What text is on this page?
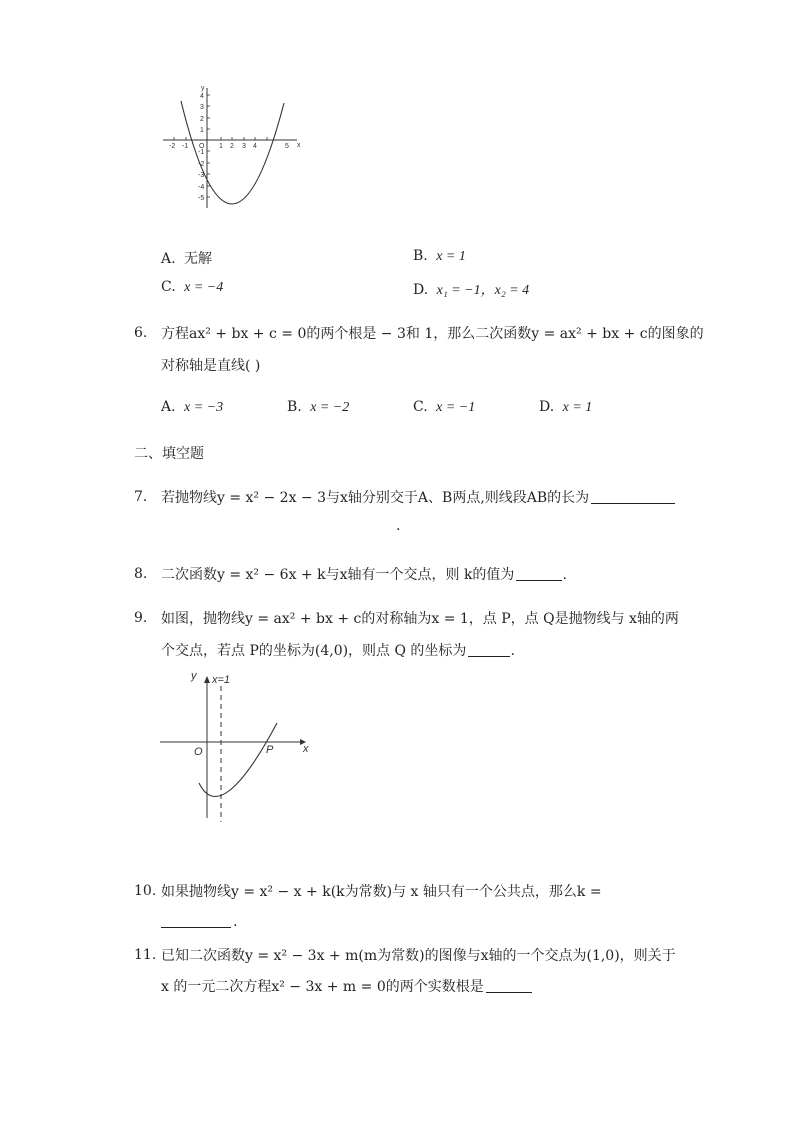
y
x
O
-2 -1	1 2 3 4	5
4
3
2
1
-1
-2
-3
-4
-5
A. 无解	B. x = 1
C. x = −4	D. x₁ = −1，x₂ = 4
6. 方程ax² + bx + c = 0的两个根是 − 3和 1，那么二次函数y = ax² + bx + c的图象的
对称轴是直线( )
A. x = −3	B. x = −2	C. x = −1	D. x = 1
二、填空题
7. 若抛物线y = x² − 2x − 3与x轴分别交于A、B两点,则线段AB的长为
.
8. 二次函数y = x² − 6x + k与x轴有一个交点，则 k的值为	.
9. 如图，抛物线y = ax² + bx + c的对称轴为x = 1，点 P，点 Q是抛物线与 x轴的两
个交点，若点 P的坐标为(4,0)，则点 Q 的坐标为	.
y
x
O
x=1
P
10. 如果抛物线y = x² − x + k(k为常数)与 x 轴只有一个公共点，那么k =
.
11. 已知二次函数y = x² − 3x + m(m为常数)的图像与x轴的一个交点为(1,0)，则关于
x 的一元二次方程x² − 3x + m = 0的两个实数根是
